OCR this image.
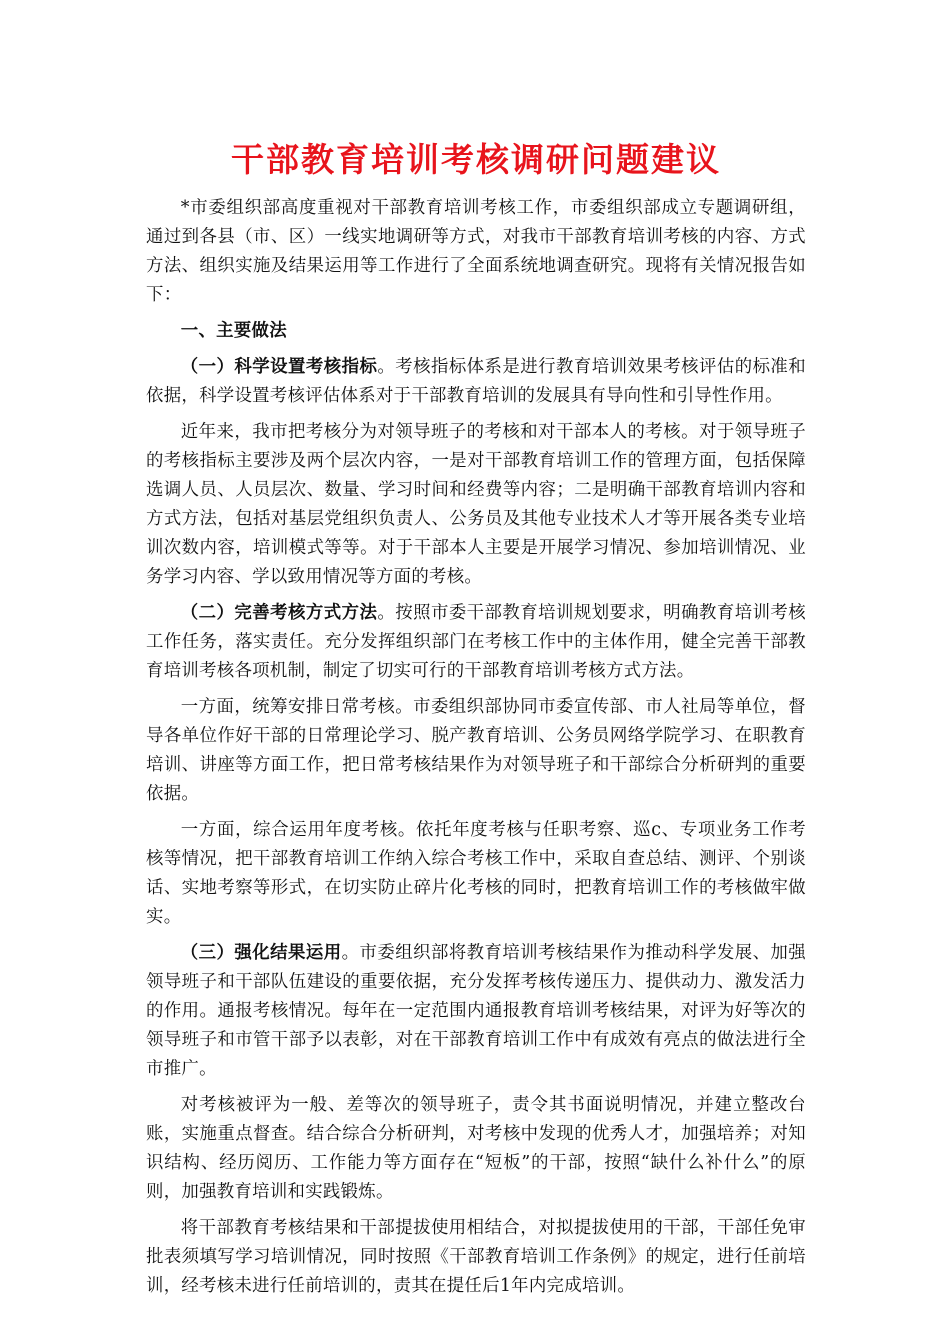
干部教育培训考核调研问题建议

*市委组织部高度重视对干部教育培训考核工作，市委组织部成立专题调研组，通过到各县（市、区）一线实地调研等方式，对我市干部教育培训考核的内容、方式方法、组织实施及结果运用等工作进行了全面系统地调查研究。现将有关情况报告如下：

一、主要做法

（一）科学设置考核指标。考核指标体系是进行教育培训效果考核评估的标准和依据，科学设置考核评估体系对于干部教育培训的发展具有导向性和引导性作用。

近年来，我市把考核分为对领导班子的考核和对干部本人的考核。对于领导班子的考核指标主要涉及两个层次内容，一是对干部教育培训工作的管理方面，包括保障选调人员、人员层次、数量、学习时间和经费等内容；二是明确干部教育培训内容和方式方法，包括对基层党组织负责人、公务员及其他专业技术人才等开展各类专业培训次数内容，培训模式等等。对于干部本人主要是开展学习情况、参加培训情况、业务学习内容、学以致用情况等方面的考核。

（二）完善考核方式方法。按照市委干部教育培训规划要求，明确教育培训考核工作任务，落实责任。充分发挥组织部门在考核工作中的主体作用，健全完善干部教育培训考核各项机制，制定了切实可行的干部教育培训考核方式方法。

一方面，统筹安排日常考核。市委组织部协同市委宣传部、市人社局等单位，督导各单位作好干部的日常理论学习、脱产教育培训、公务员网络学院学习、在职教育培训、讲座等方面工作，把日常考核结果作为对领导班子和干部综合分析研判的重要依据。

一方面，综合运用年度考核。依托年度考核与任职考察、巡c、专项业务工作考核等情况，把干部教育培训工作纳入综合考核工作中，采取自查总结、测评、个别谈话、实地考察等形式，在切实防止碎片化考核的同时，把教育培训工作的考核做牢做实。

（三）强化结果运用。市委组织部将教育培训考核结果作为推动科学发展、加强领导班子和干部队伍建设的重要依据，充分发挥考核传递压力、提供动力、激发活力的作用。通报考核情况。每年在一定范围内通报教育培训考核结果，对评为好等次的领导班子和市管干部予以表彰，对在干部教育培训工作中有成效有亮点的做法进行全市推广。

对考核被评为一般、差等次的领导班子，责令其书面说明情况，并建立整改台账，实施重点督查。结合综合分析研判，对考核中发现的优秀人才，加强培养；对知识结构、经历阅历、工作能力等方面存在“短板”的干部，按照“缺什么补什么”的原则，加强教育培训和实践锻炼。

将干部教育考核结果和干部提拔使用相结合，对拟提拔使用的干部，干部任免审批表须填写学习培训情况，同时按照《干部教育培训工作条例》的规定，进行任前培训，经考核未进行任前培训的，责其在提任后1年内完成培训。
